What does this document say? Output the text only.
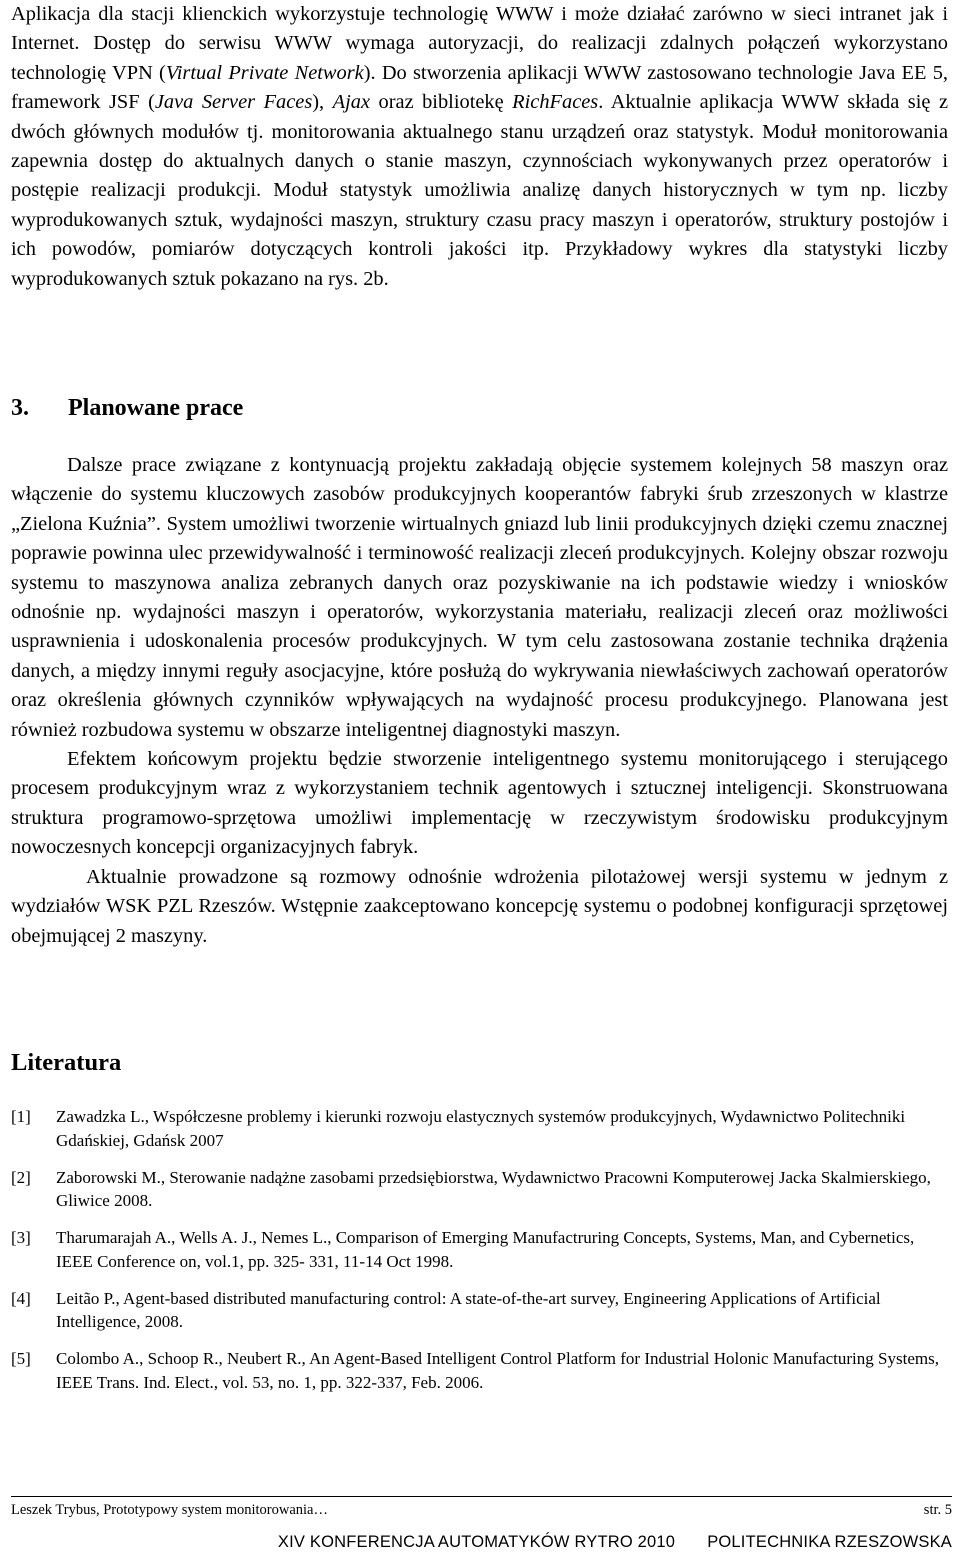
Aplikacja dla stacji klienckich wykorzystuje technologię WWW i może działać zarówno w sieci intranet jak i Internet. Dostęp do serwisu WWW wymaga autoryzacji, do realizacji zdalnych połączeń wykorzystano technologię VPN (Virtual Private Network). Do stworzenia aplikacji WWW zastosowano technologie Java EE 5, framework JSF (Java Server Faces), Ajax oraz bibliotekę RichFaces. Aktualnie aplikacja WWW składa się z dwóch głównych modułów tj. monitorowania aktualnego stanu urządzeń oraz statystyk. Moduł monitorowania zapewnia dostęp do aktualnych danych o stanie maszyn, czynnościach wykonywanych przez operatorów i postępie realizacji produkcji. Moduł statystyk umożliwia analizę danych historycznych w tym np. liczby wyprodukowanych sztuk, wydajności maszyn, struktury czasu pracy maszyn i operatorów, struktury postojów i ich powodów, pomiarów dotyczących kontroli jakości itp. Przykładowy wykres dla statystyki liczby wyprodukowanych sztuk pokazano na rys. 2b.

3. Planowane prace

Dalsze prace związane z kontynuacją projektu zakładają objęcie systemem kolejnych 58 maszyn oraz włączenie do systemu kluczowych zasobów produkcyjnych kooperantów fabryki śrub zrzeszonych w klastrze „Zielona Kuźnia”. System umożliwi tworzenie wirtualnych gniazd lub linii produkcyjnych dzięki czemu znacznej poprawie powinna ulec przewidywalność i terminowość realizacji zleceń produkcyjnych. Kolejny obszar rozwoju systemu to maszynowa analiza zebranych danych oraz pozyskiwanie na ich podstawie wiedzy i wniosków odnośnie np. wydajności maszyn i operatorów, wykorzystania materiału, realizacji zleceń oraz możliwości usprawnienia i udoskonalenia procesów produkcyjnych. W tym celu zastosowana zostanie technika drążenia danych, a między innymi reguły asocjacyjne, które posłużą do wykrywania niewłaściwych zachowań operatorów oraz określenia głównych czynników wpływających na wydajność procesu produkcyjnego. Planowana jest również rozbudowa systemu w obszarze inteligentnej diagnostyki maszyn.

Efektem końcowym projektu będzie stworzenie inteligentnego systemu monitorującego i sterującego procesem produkcyjnym wraz z wykorzystaniem technik agentowych i sztucznej inteligencji. Skonstruowana struktura programowo-sprzętowa umożliwi implementację w rzeczywistym środowisku produkcyjnym nowoczesnych koncepcji organizacyjnych fabryk.

Aktualnie prowadzone są rozmowy odnośnie wdrożenia pilotażowej wersji systemu w jednym z wydziałów WSK PZL Rzeszów. Wstępnie zaakceptowano koncepcję systemu o podobnej konfiguracji sprzętowej obejmującej 2 maszyny.

Literatura
[1]	Zawadzka L., Współczesne problemy i kierunki rozwoju elastycznych systemów produkcyjnych, Wydawnictwo Politechniki Gdańskiej, Gdańsk 2007
[2]	Zaborowski M., Sterowanie nadążne zasobami przedsiębiorstwa, Wydawnictwo Pracowni Komputerowej Jacka Skalmierskiego, Gliwice 2008.
[3]	Tharumarajah A., Wells A. J., Nemes L., Comparison of Emerging Manufactruring Concepts, Systems, Man, and Cybernetics, IEEE Conference on, vol.1, pp. 325- 331, 11-14 Oct 1998.
[4]	Leitão P., Agent-based distributed manufacturing control: A state-of-the-art survey, Engineering Applications of Artificial Intelligence, 2008.
[5]	Colombo A., Schoop R., Neubert R., An Agent-Based Intelligent Control Platform for Industrial Holonic Manufacturing Systems, IEEE Trans. Ind. Elect., vol. 53, no. 1, pp. 322-337, Feb. 2006.
Leszek Trybus, Prototypowy system monitorowania…	str. 5
XIV KONFERENCJA AUTOMATYKÓW RYTRO 2010 POLITECHNIKA RZESZOWSKA
